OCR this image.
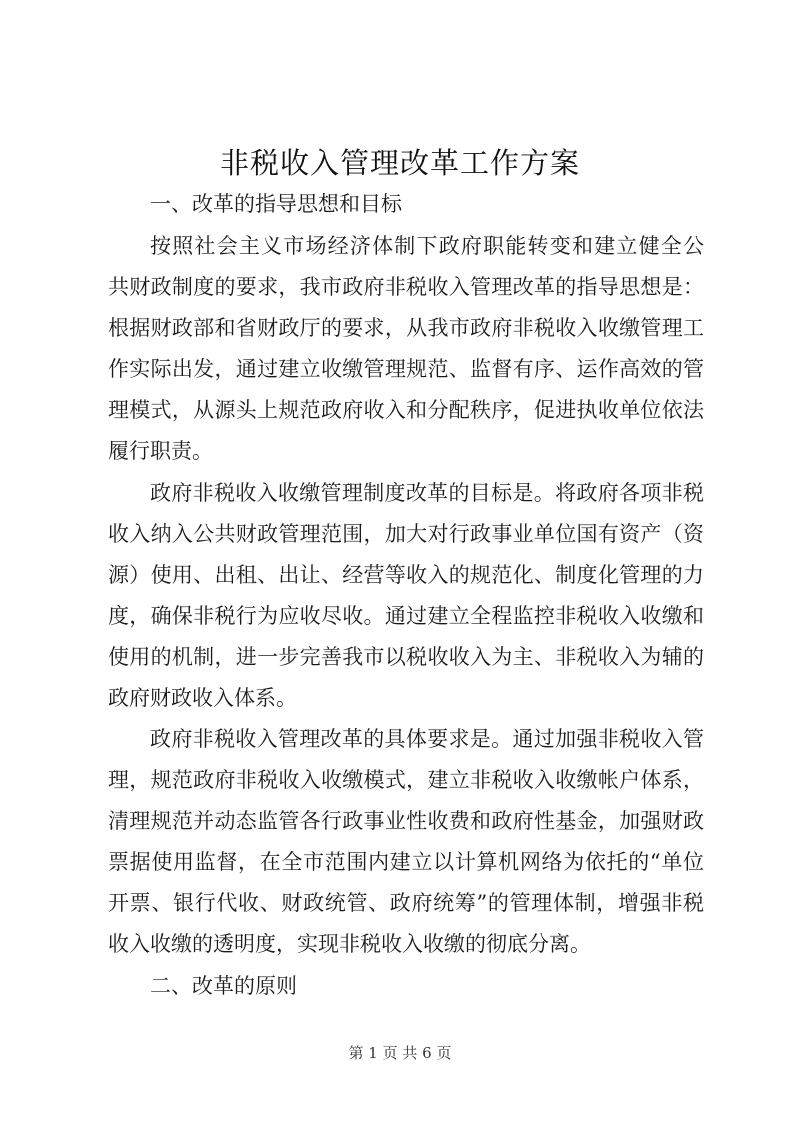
非税收入管理改革工作方案
一、改革的指导思想和目标
按照社会主义市场经济体制下政府职能转变和建立健全公
共财政制度的要求，我市政府非税收入管理改革的指导思想是：
根据财政部和省财政厅的要求，从我市政府非税收入收缴管理工
作实际出发，通过建立收缴管理规范、监督有序、运作高效的管
理模式，从源头上规范政府收入和分配秩序，促进执收单位依法
履行职责。
政府非税收入收缴管理制度改革的目标是。将政府各项非税
收入纳入公共财政管理范围，加大对行政事业单位国有资产（资
源）使用、出租、出让、经营等收入的规范化、制度化管理的力
度，确保非税行为应收尽收。通过建立全程监控非税收入收缴和
使用的机制，进一步完善我市以税收收入为主、非税收入为辅的
政府财政收入体系。
政府非税收入管理改革的具体要求是。通过加强非税收入管
理，规范政府非税收入收缴模式，建立非税收入收缴帐户体系，
清理规范并动态监管各行政事业性收费和政府性基金，加强财政
票据使用监督，在全市范围内建立以计算机网络为依托的“单位
开票、银行代收、财政统管、政府统筹”的管理体制，增强非税
收入收缴的透明度，实现非税收入收缴的彻底分离。
二、改革的原则
第 1 页 共 6 页
